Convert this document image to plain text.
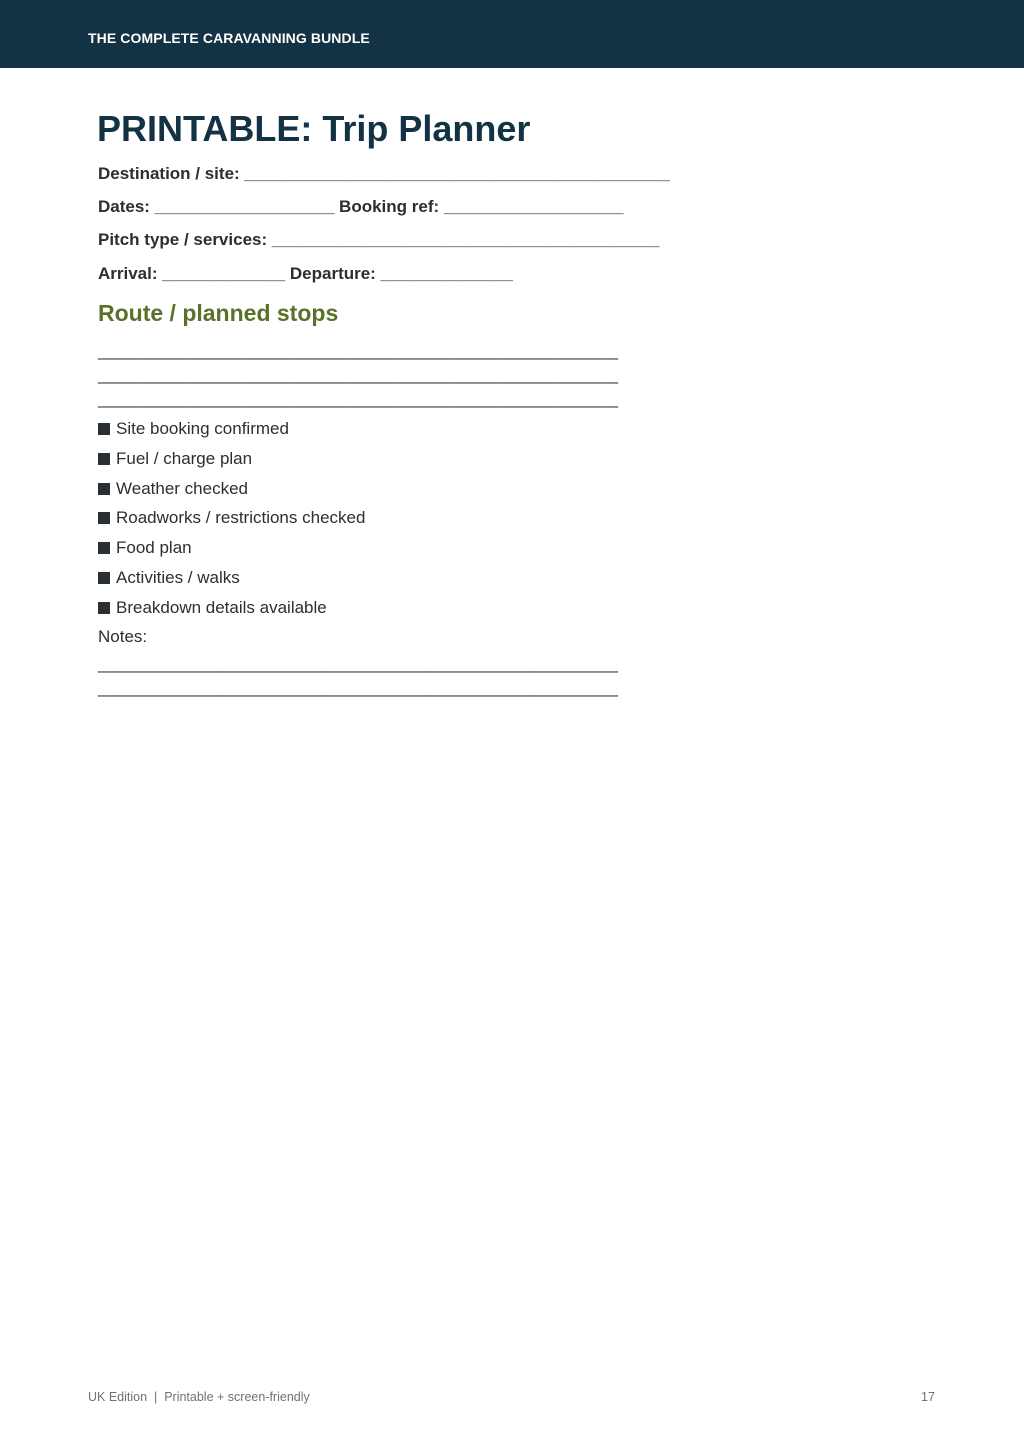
THE COMPLETE CARAVANNING BUNDLE
PRINTABLE: Trip Planner
Destination / site: _____________________________________________
Dates: ___________________ Booking ref: ___________________
Pitch type / services: _________________________________________
Arrival: _____________ Departure: ______________
Route / planned stops
_______________________________________________________
_______________________________________________________
_______________________________________________________
Site booking confirmed
Fuel / charge plan
Weather checked
Roadworks / restrictions checked
Food plan
Activities / walks
Breakdown details available
Notes:
_______________________________________________________
_______________________________________________________
UK Edition  |  Printable + screen-friendly	17
